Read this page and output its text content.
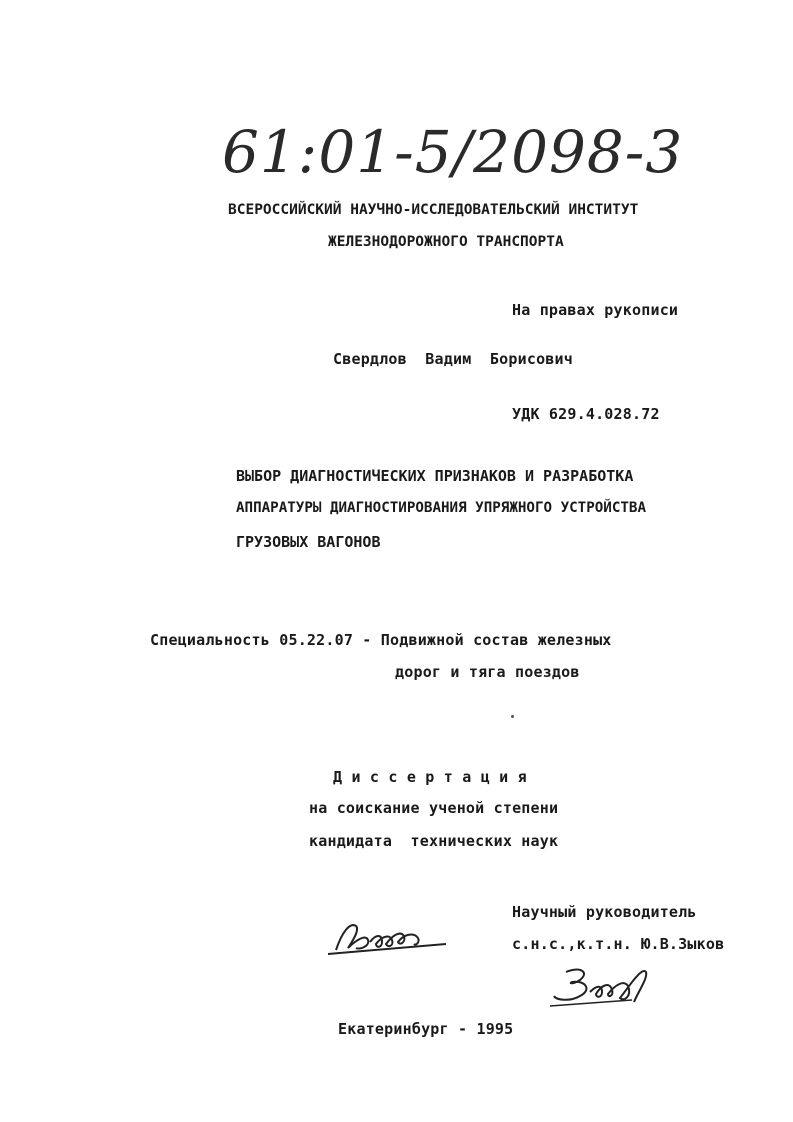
61:01-5/2098-3
ВСЕРОССИЙСКИЙ НАУЧНО-ИССЛЕДОВАТЕЛЬСКИЙ ИНСТИТУТ
ЖЕЛЕЗНОДОРОЖНОГО ТРАНСПОРТА
На правах рукописи
Свердлов  Вадим  Борисович
УДК 629.4.028.72
ВЫБОР ДИАГНОСТИЧЕСКИХ ПРИЗНАКОВ И РАЗРАБОТКА
АППАРАТУРЫ ДИАГНОСТИРОВАНИЯ УПРЯЖНОГО УСТРОЙСТВА
ГРУЗОВЫХ ВАГОНОВ
Специальность 05.22.07 - Подвижной состав железных
дорог и тяга поездов
Д и с с е р т а ц и я
на соискание ученой степени
кандидата  технических наук
Научный руководитель
с.н.с.,к.т.н. Ю.В.Зыков
Екатеринбург - 1995
